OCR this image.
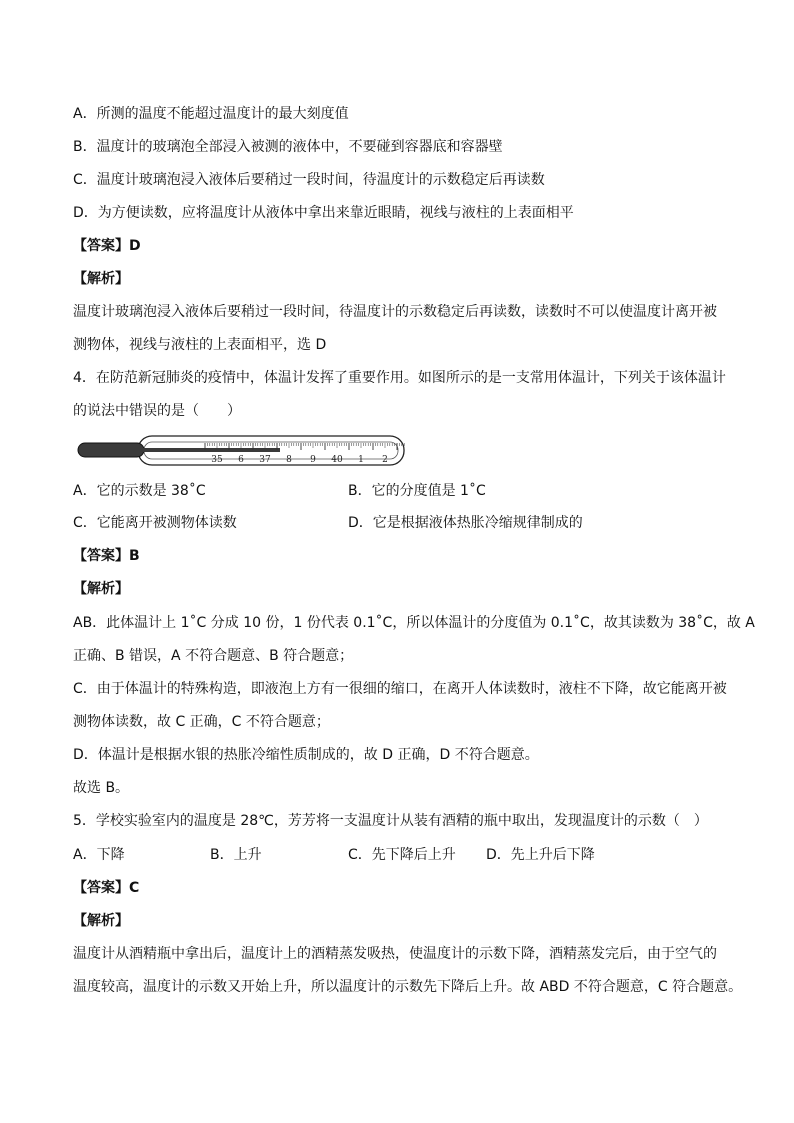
A．所测的温度不能超过温度计的最大刻度值
B．温度计的玻璃泡全部浸入被测的液体中，不要碰到容器底和容器壁
C．温度计玻璃泡浸入液体后要稍过一段时间，待温度计的示数稳定后再读数
D．为方便读数，应将温度计从液体中拿出来靠近眼睛，视线与液柱的上表面相平
【答案】D
【解析】
温度计玻璃泡浸入液体后要稍过一段时间，待温度计的示数稳定后再读数，读数时不可以使温度计离开被
测物体，视线与液柱的上表面相平，选 D
4．在防范新冠肺炎的疫情中，体温计发挥了重要作用。如图所示的是一支常用体温计，下列关于该体温计
的说法中错误的是（　　）
35 6 37 8 9 40 1 2
A．它的示数是 38˚C	B．它的分度值是 1˚C
C．它能离开被测物体读数	D．它是根据液体热胀冷缩规律制成的
【答案】B
【解析】
AB．此体温计上 1˚C 分成 10 份，1 份代表 0.1˚C，所以体温计的分度值为 0.1˚C，故其读数为 38˚C，故 A
正确、B 错误，A 不符合题意、B 符合题意；
C．由于体温计的特殊构造，即液泡上方有一很细的缩口，在离开人体读数时，液柱不下降，故它能离开被
测物体读数，故 C 正确，C 不符合题意；
D．体温计是根据水银的热胀冷缩性质制成的，故 D 正确，D 不符合题意。
故选 B。
5．学校实验室内的温度是 28℃，芳芳将一支温度计从装有酒精的瓶中取出，发现温度计的示数（　）
A．下降	B．上升	C．先下降后上升 D．先上升后下降
【答案】C
【解析】
温度计从酒精瓶中拿出后，温度计上的酒精蒸发吸热，使温度计的示数下降，酒精蒸发完后，由于空气的
温度较高，温度计的示数又开始上升，所以温度计的示数先下降后上升。故 ABD 不符合题意，C 符合题意。
